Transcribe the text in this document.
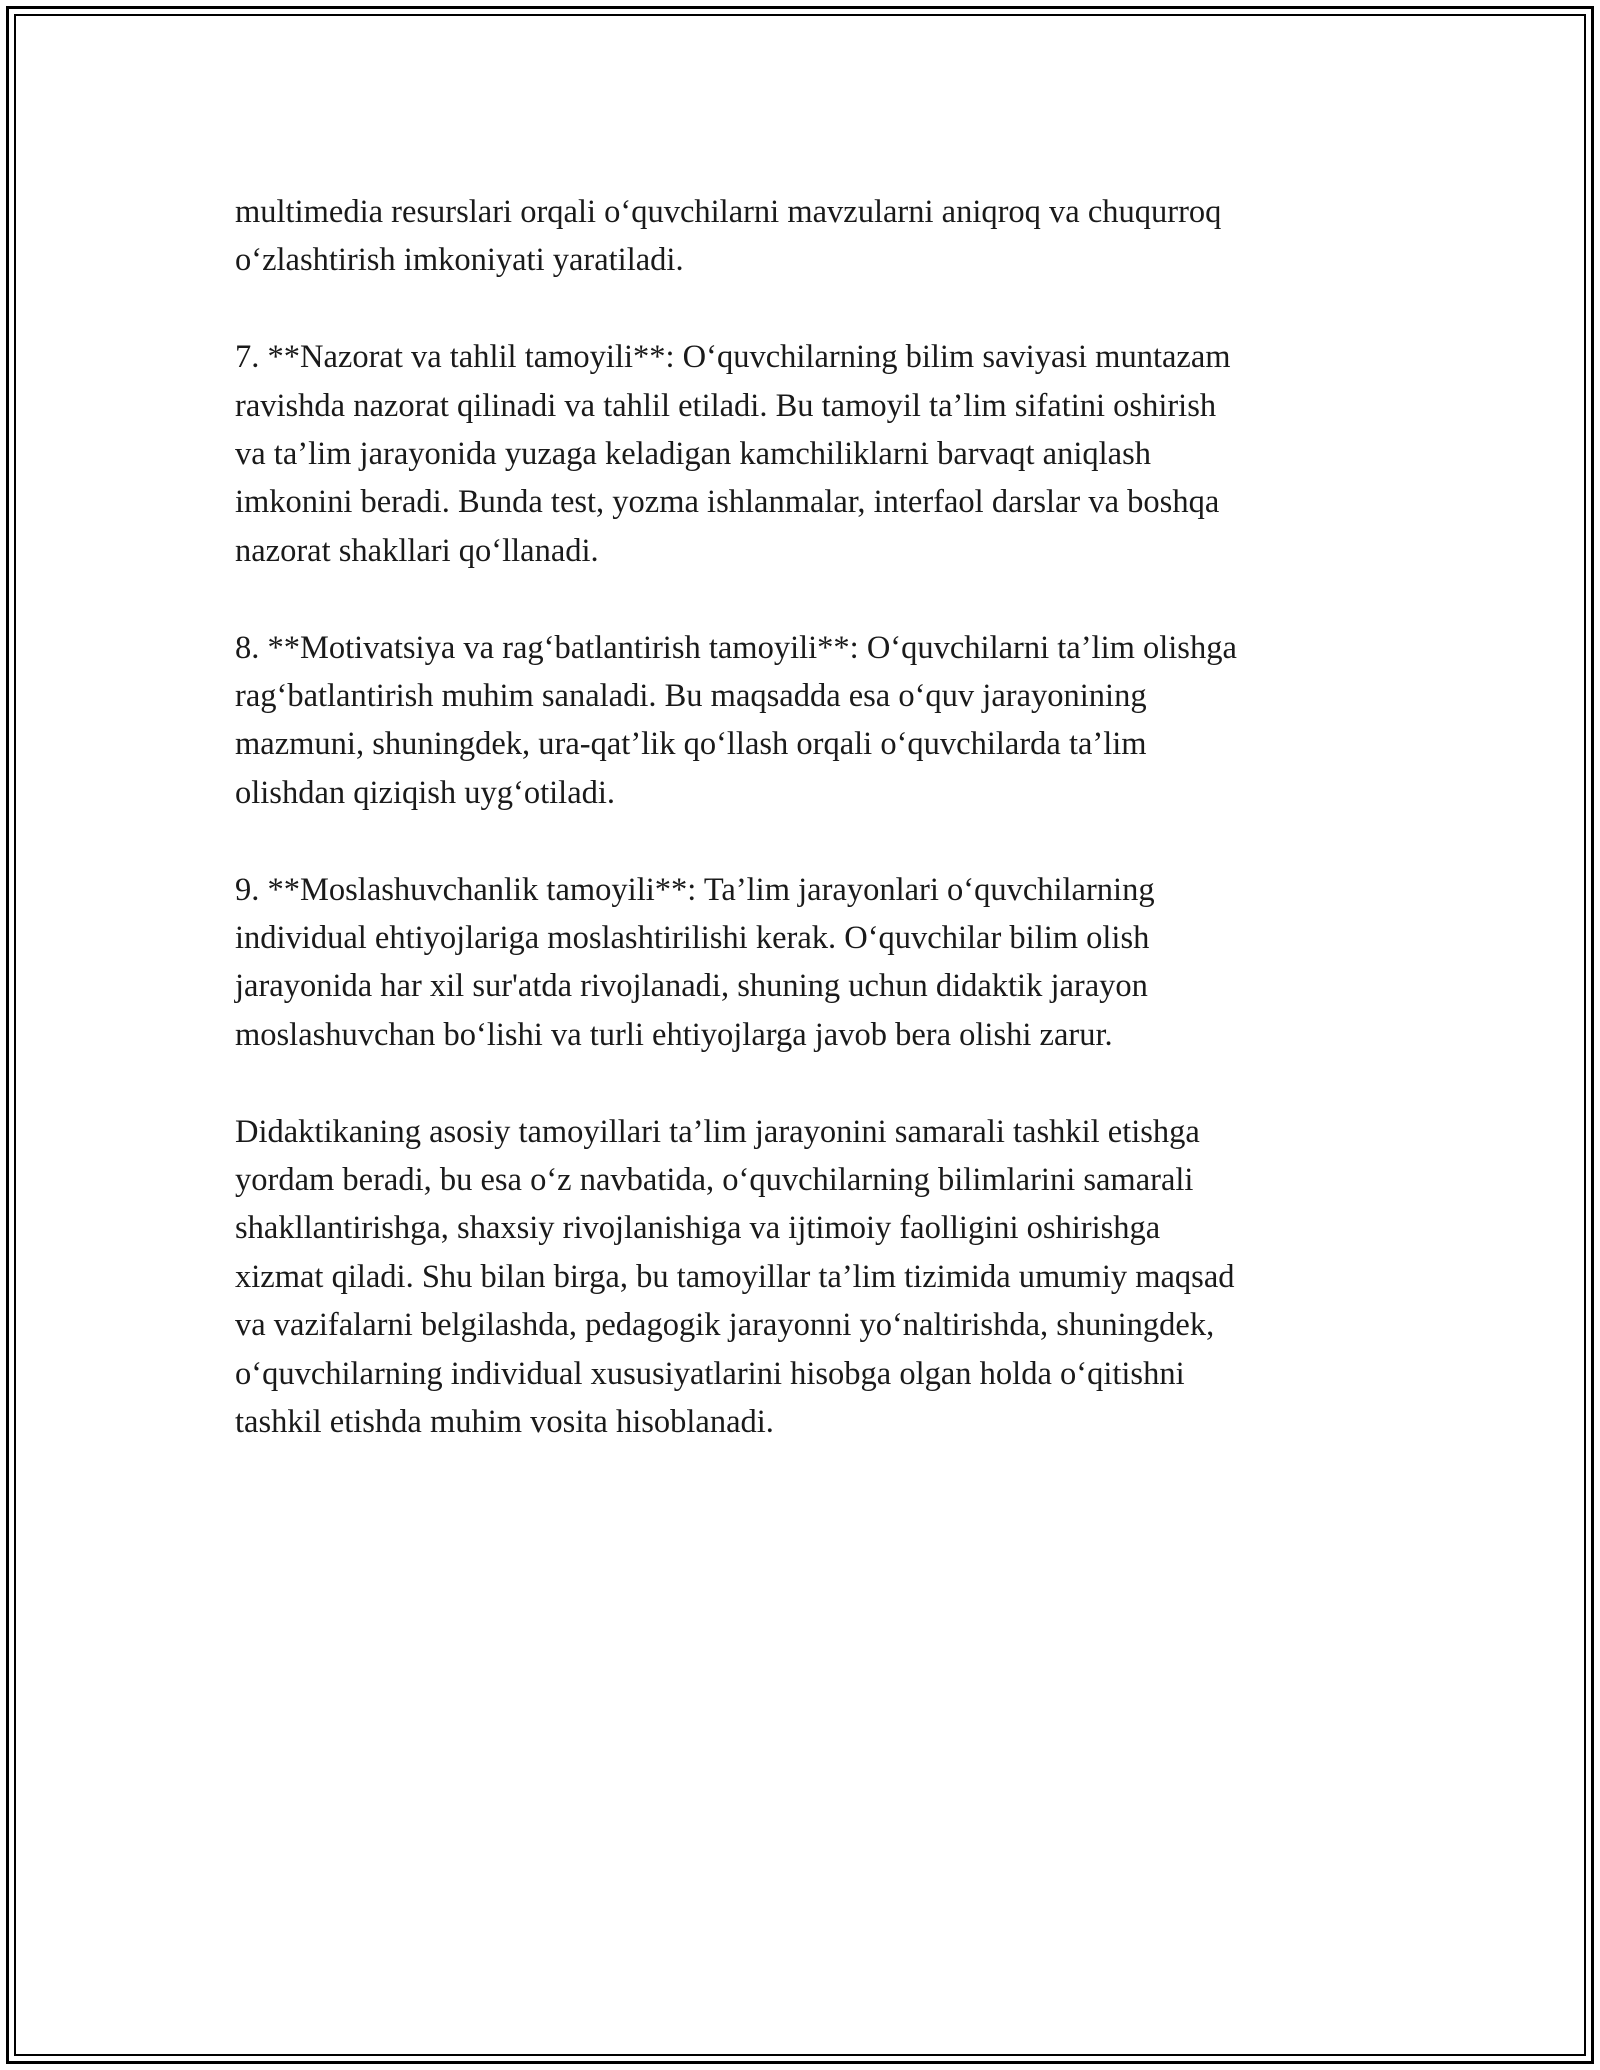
multimedia resurslari orqali o‘quvchilarni mavzularni aniqroq va chuqurroq
o‘zlashtirish imkoniyati yaratiladi.

7. **Nazorat va tahlil tamoyili**: O‘quvchilarning bilim saviyasi muntazam
ravishda nazorat qilinadi va tahlil etiladi. Bu tamoyil ta’lim sifatini oshirish
va ta’lim jarayonida yuzaga keladigan kamchiliklarni barvaqt aniqlash
imkonini beradi. Bunda test, yozma ishlanmalar, interfaol darslar va boshqa
nazorat shakllari qo‘llanadi.

8. **Motivatsiya va rag‘batlantirish tamoyili**: O‘quvchilarni ta’lim olishga
rag‘batlantirish muhim sanaladi. Bu maqsadda esa o‘quv jarayonining
mazmuni, shuningdek, ura-qat’lik qo‘llash orqali o‘quvchilarda ta’lim
olishdan qiziqish uyg‘otiladi.

9. **Moslashuvchanlik tamoyili**: Ta’lim jarayonlari o‘quvchilarning
individual ehtiyojlariga moslashtirilishi kerak. O‘quvchilar bilim olish
jarayonida har xil sur'atda rivojlanadi, shuning uchun didaktik jarayon
moslashuvchan bo‘lishi va turli ehtiyojlarga javob bera olishi zarur.

Didaktikaning asosiy tamoyillari ta’lim jarayonini samarali tashkil etishga
yordam beradi, bu esa o‘z navbatida, o‘quvchilarning bilimlarini samarali
shakllantirishga, shaxsiy rivojlanishiga va ijtimoiy faolligini oshirishga
xizmat qiladi. Shu bilan birga, bu tamoyillar ta’lim tizimida umumiy maqsad
va vazifalarni belgilashda, pedagogik jarayonni yo‘naltirishda, shuningdek,
o‘quvchilarning individual xususiyatlarini hisobga olgan holda o‘qitishni
tashkil etishda muhim vosita hisoblanadi.
